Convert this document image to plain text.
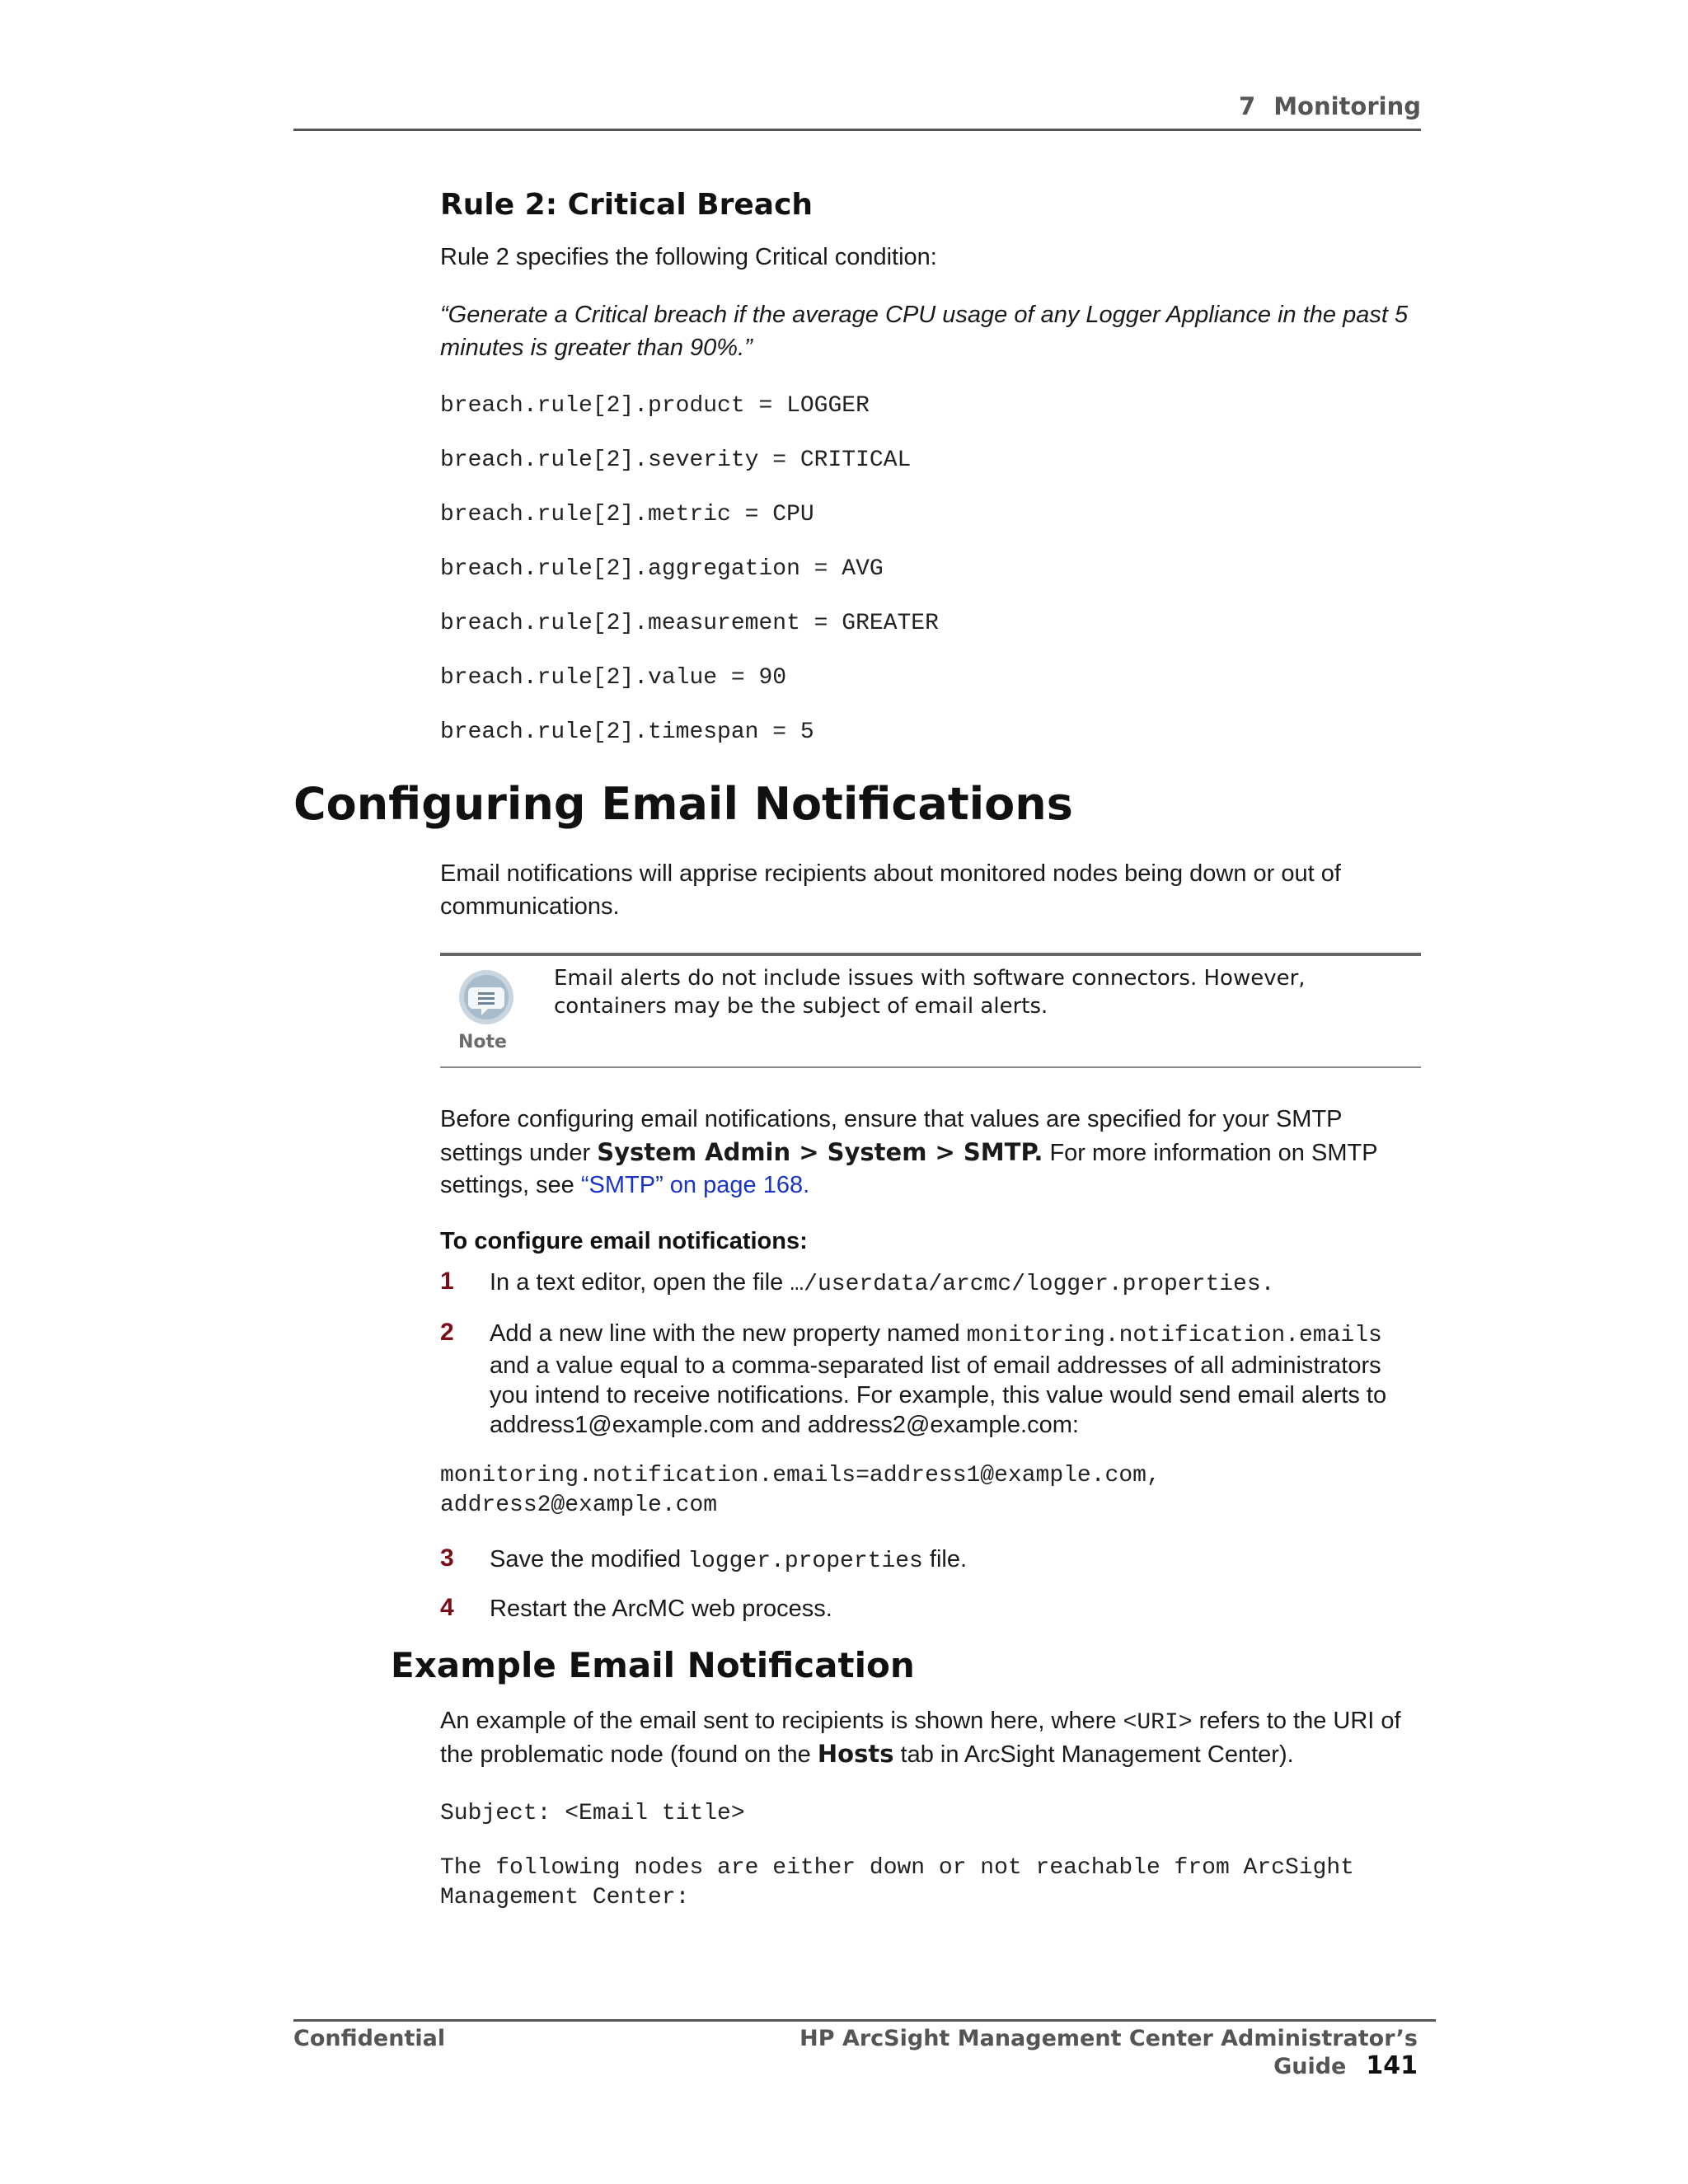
7 Monitoring
Rule 2: Critical Breach
Rule 2 specifies the following Critical condition:
“Generate a Critical breach if the average CPU usage of any Logger Appliance in the past 5
minutes is greater than 90%.”
breach.rule[2].product = LOGGER
breach.rule[2].severity = CRITICAL
breach.rule[2].metric = CPU
breach.rule[2].aggregation = AVG
breach.rule[2].measurement = GREATER
breach.rule[2].value = 90
breach.rule[2].timespan = 5
Configuring Email Notifications
Email notifications will apprise recipients about monitored nodes being down or out of
communications.
Note
Email alerts do not include issues with software connectors. However,
containers may be the subject of email alerts.
Before configuring email notifications, ensure that values are specified for your SMTP
settings under System Admin > System > SMTP. For more information on SMTP
settings, see “SMTP” on page 168.
To configure email notifications:
1 In a text editor, open the file …/userdata/arcmc/logger.properties.
2 Add a new line with the new property named monitoring.notification.emails
and a value equal to a comma-separated list of email addresses of all administrators
you intend to receive notifications. For example, this value would send email alerts to
address1@example.com and address2@example.com:
monitoring.notification.emails=address1@example.com,
address2@example.com
3 Save the modified logger.properties file.
4 Restart the ArcMC web process.
Example Email Notification
An example of the email sent to recipients is shown here, where <URI> refers to the URI of
the problematic node (found on the Hosts tab in ArcSight Management Center).
Subject: <Email title>
The following nodes are either down or not reachable from ArcSight
Management Center:
Confidential	HP ArcSight Management Center Administrator’s Guide 141
